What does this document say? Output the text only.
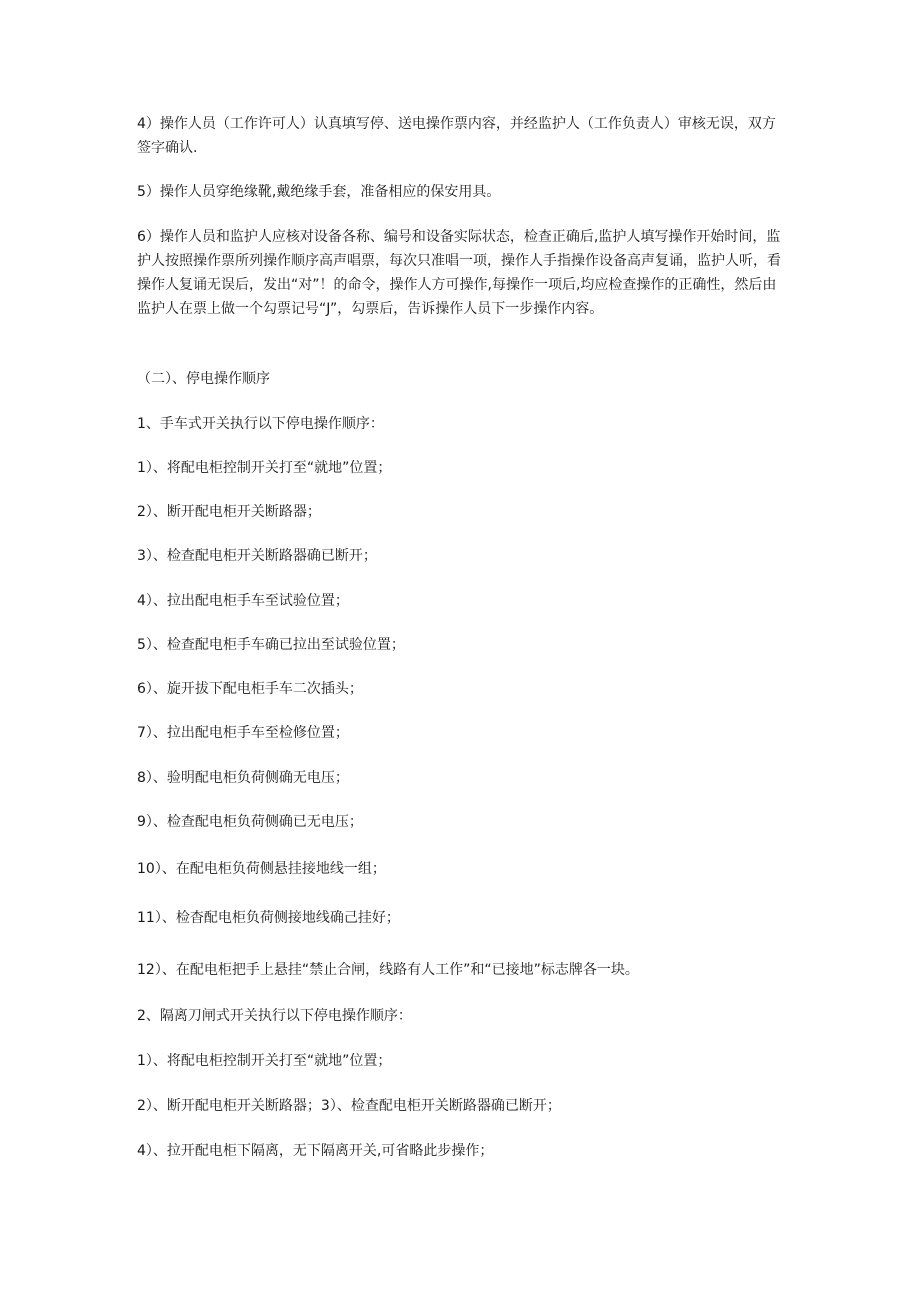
4）操作人员（工作许可人）认真填写停、送电操作票内容，并经监护人（工作负责人）审核无误，双方签字确认.

5）操作人员穿绝缘靴,戴绝缘手套，准备相应的保安用具。

6）操作人员和监护人应核对设备各称、编号和设备实际状态，检查正确后,监护人填写操作开始时间，监护人按照操作票所列操作顺序高声唱票，每次只准唱一项，操作人手指操作设备高声复诵，监护人听，看操作人复诵无误后，发出“对”！的命令，操作人方可操作,每操作一项后,均应检查操作的正确性，然后由监护人在票上做一个勾票记号“J”，勾票后，告诉操作人员下一步操作内容。

（二）、停电操作顺序

1、手车式开关执行以下停电操作顺序：

1）、将配电柜控制开关打至“就地”位置；

2）、断开配电柜开关断路器；

3）、检查配电柜开关断路器确已断开；

4）、拉出配电柜手车至试验位置；

5）、检查配电柜手车确已拉出至试验位置；

6）、旋开拔下配电柜手车二次插头；

7）、拉出配电柜手车至检修位置；

8）、验明配电柜负荷侧确无电压；

9）、检查配电柜负荷侧确已无电压；

10）、在配电柜负荷侧悬挂接地线一组；

11）、检杳配电柜负荷侧接地线确己挂好；

12）、在配电柜把手上悬挂“禁止合闸，线路有人工作”和“已接地”标志牌各一块。

2、隔离刀闸式开关执行以下停电操作顺序：

1）、将配电柜控制开关打至“就地”位置；

2）、断开配电柜开关断路器；3）、检查配电柜开关断路器确已断开；

4）、拉开配电柜下隔离，无下隔离开关,可省略此步操作；
